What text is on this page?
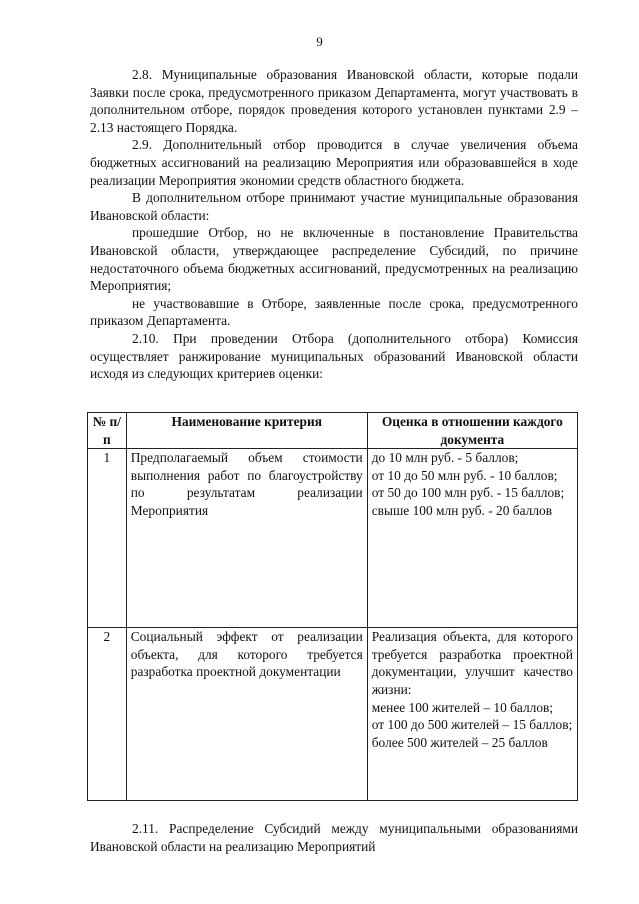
9

2.8. Муниципальные образования Ивановской области, которые подали Заявки после срока, предусмотренного приказом Департамента, могут участвовать в дополнительном отборе, порядок проведения которого установлен пунктами 2.9 – 2.13 настоящего Порядка.

2.9. Дополнительный отбор проводится в случае увеличения объема бюджетных ассигнований на реализацию Мероприятия или образовавшейся в ходе реализации Мероприятия экономии средств областного бюджета.

В дополнительном отборе принимают участие муниципальные образования Ивановской области:

прошедшие Отбор, но не включенные в постановление Правительства Ивановской области, утверждающее распределение Субсидий, по причине недостаточного объема бюджетных ассигнований, предусмотренных на реализацию Мероприятия;

не участвовавшие в Отборе, заявленные после срока, предусмотренного приказом Департамента.

2.10. При проведении Отбора (дополнительного отбора) Комиссия осуществляет ранжирование муниципальных образований Ивановской области исходя из следующих критериев оценки:

№ п/п	Наименование критерия	Оценка в отношении каждого документа
1	Предполагаемый объем стоимости выполнения работ по благоустройству по результатам реализации Мероприятия	до 10 млн руб. - 5 баллов;
от 10 до 50 млн руб. - 10 баллов;
от 50 до 100 млн руб. - 15 баллов;
свыше 100 млн руб. - 20 баллов

2	Социальный эффект от реализации объекта, для которого требуется разработка проектной документации	Реализация объекта, для которого требуется разработка проектной документации, улучшит качество жизни:
менее 100 жителей – 10 баллов;
от 100 до 500 жителей – 15 баллов;
более 500 жителей – 25 баллов

2.11. Распределение Субсидий между муниципальными образованиями Ивановской области на реализацию Мероприятий
